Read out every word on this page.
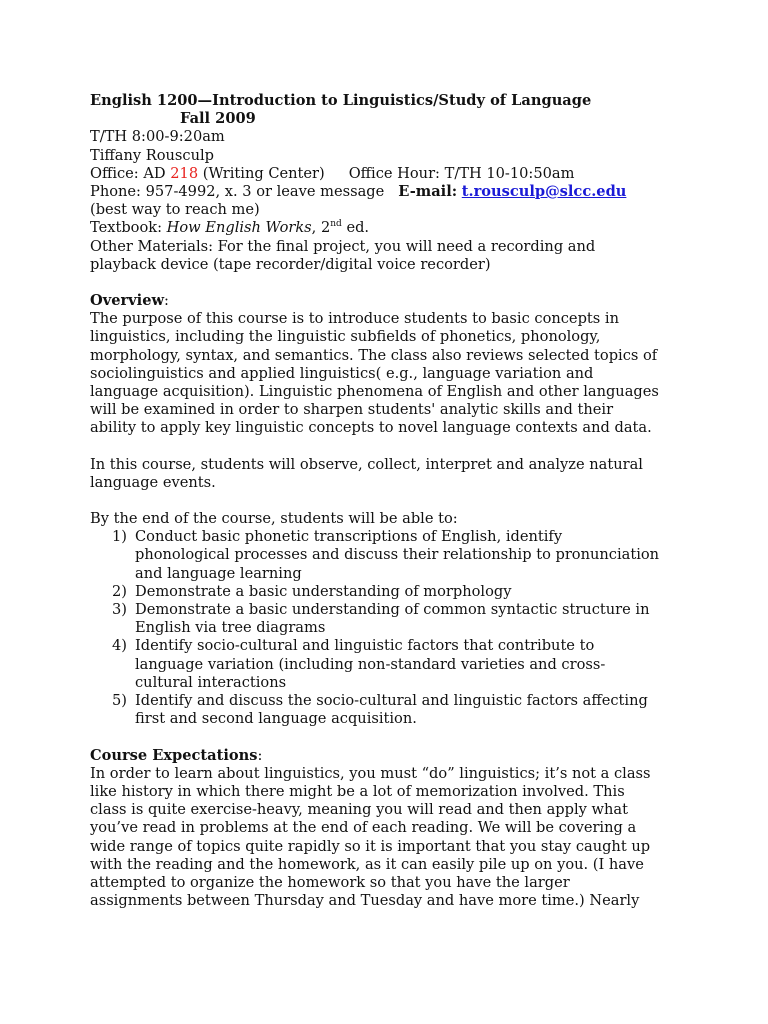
English 1200—Introduction to Linguistics/Study of Language
Fall 2009
T/TH 8:00-9:20am
Tiffany Rousculp
Office: AD 218 (Writing Center) Office Hour: T/TH 10-10:50am
Phone: 957-4992, x. 3 or leave message E-mail: t.rousculp@slcc.edu
(best way to reach me)
Textbook: How English Works, 2nd ed.
Other Materials: For the final project, you will need a recording and
playback device (tape recorder/digital voice recorder)
Overview:
The purpose of this course is to introduce students to basic concepts in
linguistics, including the linguistic subfields of phonetics, phonology,
morphology, syntax, and semantics. The class also reviews selected topics of
sociolinguistics and applied linguistics( e.g., language variation and
language acquisition). Linguistic phenomena of English and other languages
will be examined in order to sharpen students' analytic skills and their
ability to apply key linguistic concepts to novel language contexts and data.
In this course, students will observe, collect, interpret and analyze natural
language events.
By the end of the course, students will be able to:
1) Conduct basic phonetic transcriptions of English, identify
phonological processes and discuss their relationship to pronunciation
and language learning
2) Demonstrate a basic understanding of morphology
3) Demonstrate a basic understanding of common syntactic structure in
English via tree diagrams
4) Identify socio-cultural and linguistic factors that contribute to
language variation (including non-standard varieties and cross-
cultural interactions
5) Identify and discuss the socio-cultural and linguistic factors affecting
first and second language acquisition.
Course Expectations:
In order to learn about linguistics, you must “do” linguistics; it’s not a class
like history in which there might be a lot of memorization involved. This
class is quite exercise-heavy, meaning you will read and then apply what
you’ve read in problems at the end of each reading. We will be covering a
wide range of topics quite rapidly so it is important that you stay caught up
with the reading and the homework, as it can easily pile up on you. (I have
attempted to organize the homework so that you have the larger
assignments between Thursday and Tuesday and have more time.) Nearly
